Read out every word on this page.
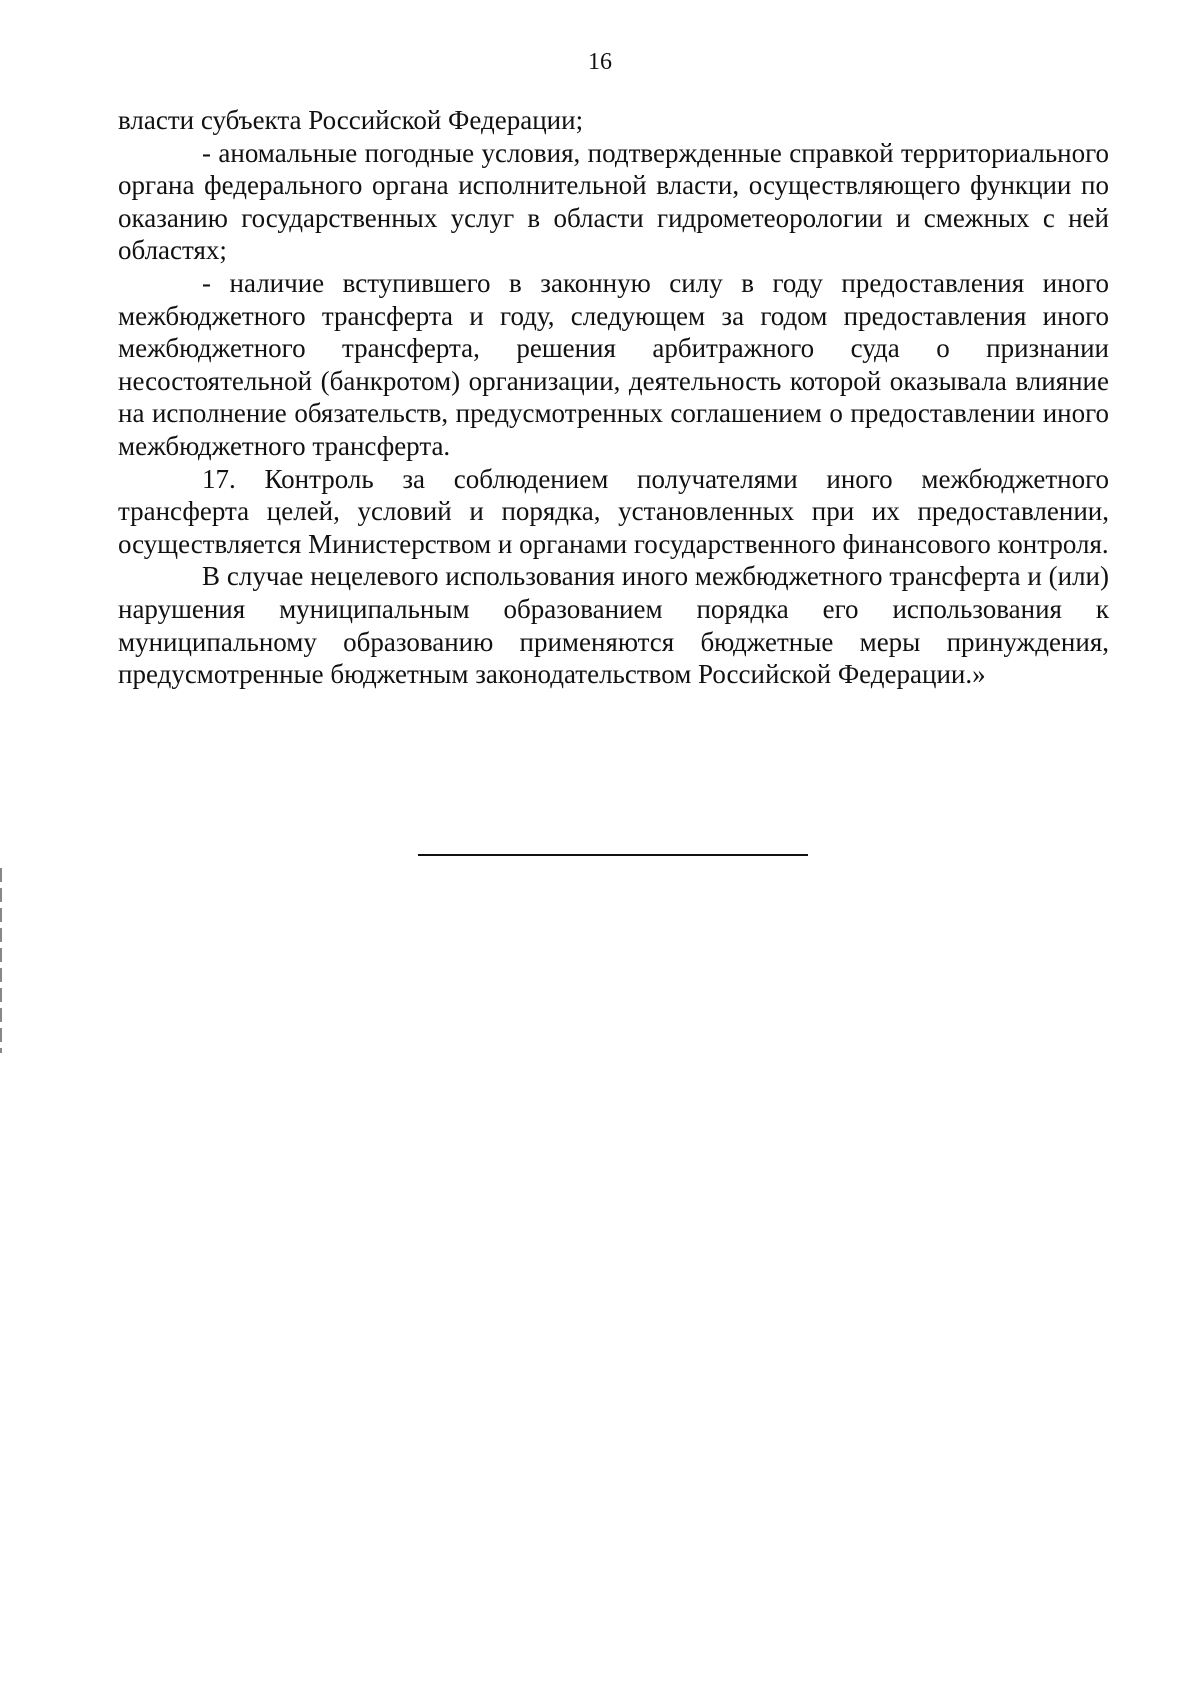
16

власти субъекта Российской Федерации;

- аномальные погодные условия, подтвержденные справкой территориального органа федерального органа исполнительной власти, осуществляющего функции по оказанию государственных услуг в области гидрометеорологии и смежных с ней областях;

- наличие вступившего в законную силу в году предоставления иного межбюджетного трансферта и году, следующем за годом предоставления иного межбюджетного трансферта, решения арбитражного суда о признании несостоятельной (банкротом) организации, деятельность которой оказывала влияние на исполнение обязательств, предусмотренных соглашением о предоставлении иного межбюджетного трансферта.

17. Контроль за соблюдением получателями иного межбюджетного трансферта целей, условий и порядка, установленных при их предоставлении, осуществляется Министерством и органами государственного финансового контроля.

В случае нецелевого использования иного межбюджетного трансферта и (или) нарушения муниципальным образованием порядка его использования к муниципальному образованию применяются бюджетные меры принуждения, предусмотренные бюджетным законодательством Российской Федерации.»
